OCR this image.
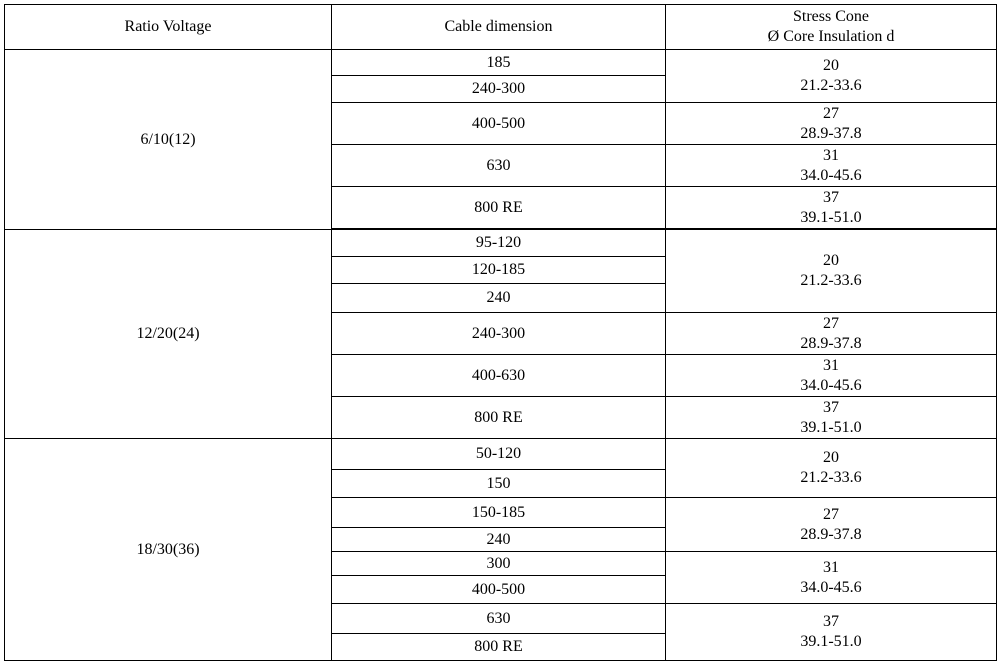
Ratio Voltage	Cable dimension	Stress Cone
Ø Core Insulation d

6/10(12)	185	20
21.2-33.6

	240-300	
	400-500	27
28.9-37.8

	630	31
34.0-45.6

	800 RE	37
39.1-51.0

12/20(24)	95-120	20
21.2-33.6

	120-185	
	240	
	240-300	27
28.9-37.8

	400-630	31
34.0-45.6

	800 RE	37
39.1-51.0

18/30(36)	50-120	20
21.2-33.6

	150	
	150-185	27
28.9-37.8

	240	
	300	31
34.0-45.6

	400-500	
	630	37
39.1-51.0

	800 RE	
